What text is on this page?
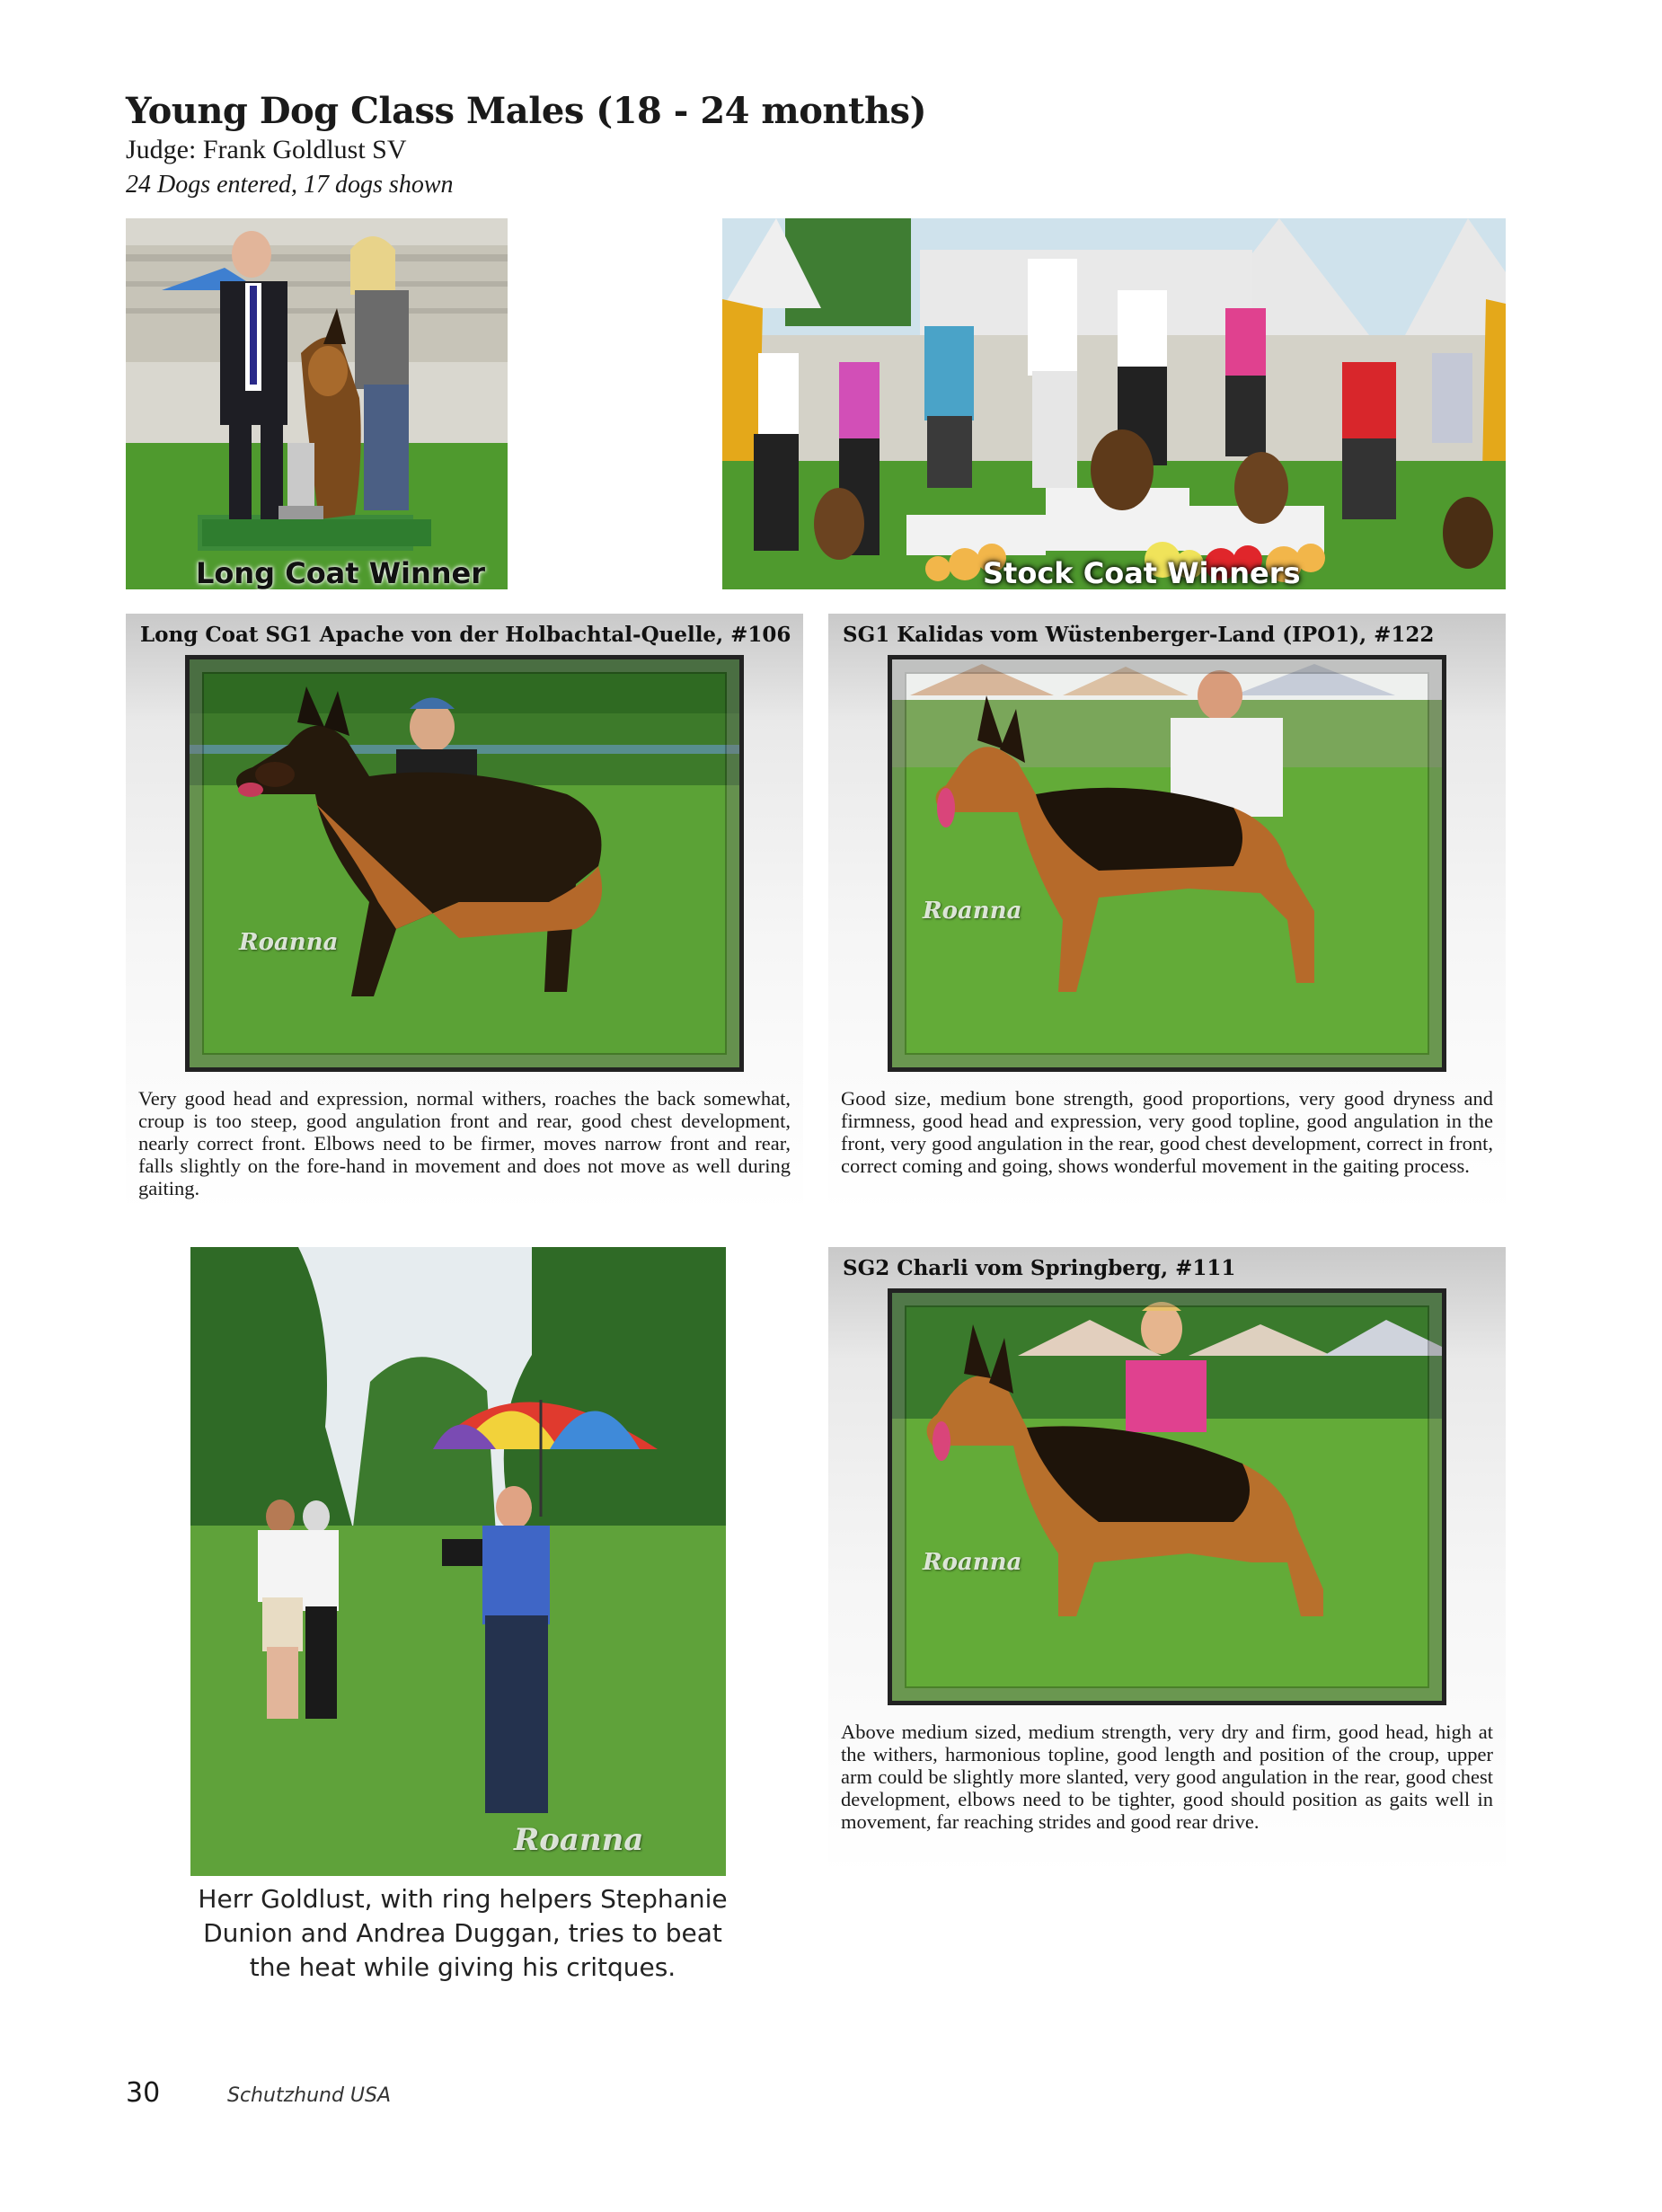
Young Dog Class Males (18 - 24 months)
Judge: Frank Goldlust SV
24 Dogs entered, 17 dogs shown
Long Coat Winner	Stock Coat Winners
Long Coat SG1 Apache von der Holbachtal-Quelle, #106
Roanna
Very good head and expression, normal withers, roaches the back somewhat, croup is too steep, good angulation front and rear, good chest development, nearly correct front. Elbows need to be firmer, moves narrow front and rear, falls slightly on the fore-hand in movement and does not move as well during gaiting.
SG1 Kalidas vom Wüstenberger-Land (IPO1), #122
Roanna
Good size, medium bone strength, good proportions, very good dryness and firmness, good head and expression, very good topline, good angulation in the front, very good angulation in the rear, good chest development, correct in front, correct coming and going, shows wonderful movement in the gaiting process.
Roanna
Herr Goldlust, with ring helpers Stephanie Dunion and Andrea Duggan, tries to beat the heat while giving his critques.
SG2 Charli vom Springberg, #111
Roanna
Above medium sized, medium strength, very dry and firm, good head, high at the withers, harmonious topline, good length and position of the croup, upper arm could be slightly more slanted, very good angulation in the rear, good chest development, elbows need to be tighter, good should position as gaits well in movement, far reaching strides and good rear drive.
30	Schutzhund USA
